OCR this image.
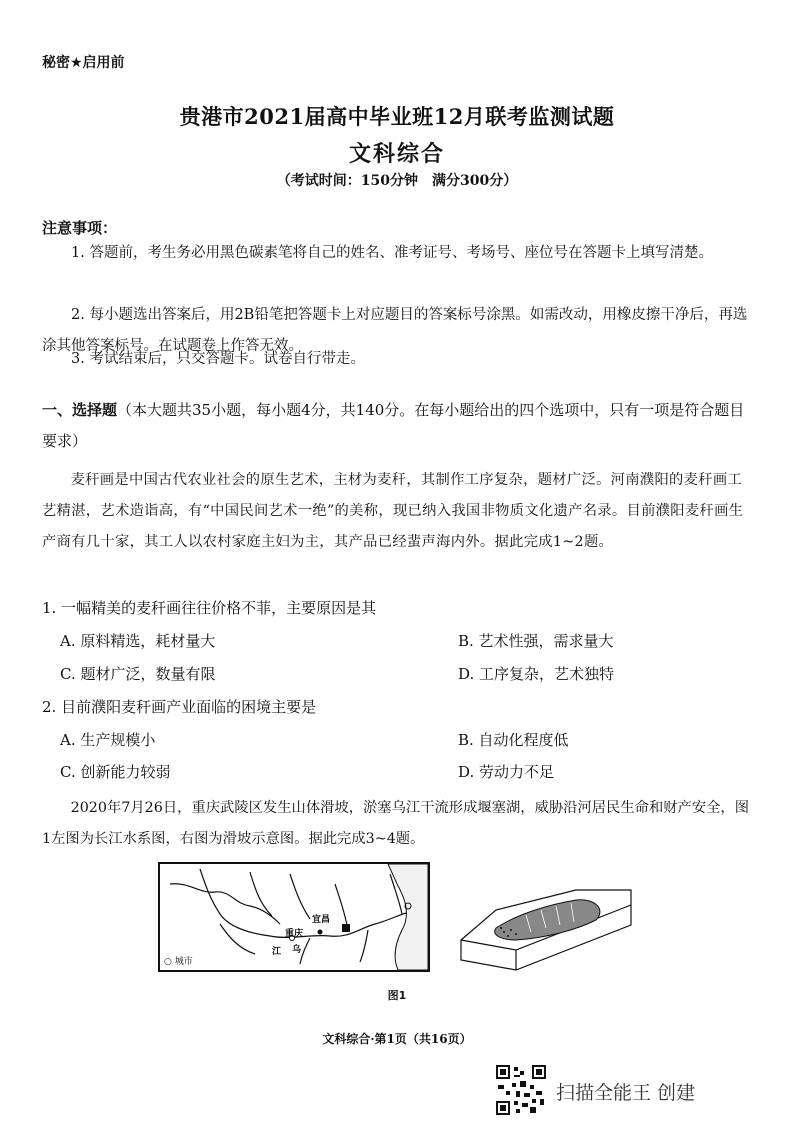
秘密★启用前
贵港市2021届高中毕业班12月联考监测试题
文科综合
（考试时间：150分钟　满分300分）
注意事项：
1. 答题前，考生务必用黑色碳素笔将自己的姓名、准考证号、考场号、座位号在答题卡上填写清楚。
2. 每小题选出答案后，用2B铅笔把答题卡上对应题目的答案标号涂黑。如需改动，用橡皮擦干净后，再选涂其他答案标号。在试题卷上作答无效。
3. 考试结束后，只交答题卡。试卷自行带走。
一、选择题（本大题共35小题，每小题4分，共140分。在每小题给出的四个选项中，只有一项是符合题目要求）
麦秆画是中国古代农业社会的原生艺术，主材为麦秆，其制作工序复杂，题材广泛。河南濮阳的麦秆画工艺精湛，艺术造诣高，有“中国民间艺术一绝”的美称，现已纳入我国非物质文化遗产名录。目前濮阳麦秆画生产商有几十家，其工人以农村家庭主妇为主，其产品已经蜚声海内外。据此完成1~2题。
1. 一幅精美的麦秆画往往价格不菲，主要原因是其
A. 原料精选，耗材量大	B. 艺术性强，需求量大
C. 题材广泛，数量有限	D. 工序复杂，艺术独特
2. 目前濮阳麦秆画产业面临的困境主要是
A. 生产规模小	B. 自动化程度低
C. 创新能力较弱	D. 劳动力不足
2020年7月26日，重庆武陵区发生山体滑坡，淤塞乌江干流形成堰塞湖，威胁沿河居民生命和财产安全，图1左图为长江水系图，右图为滑坡示意图。据此完成3~4题。
宜昌
重庆
乌
江
○ 城市
图1
文科综合·第1页（共16页）
扫描全能王 创建
